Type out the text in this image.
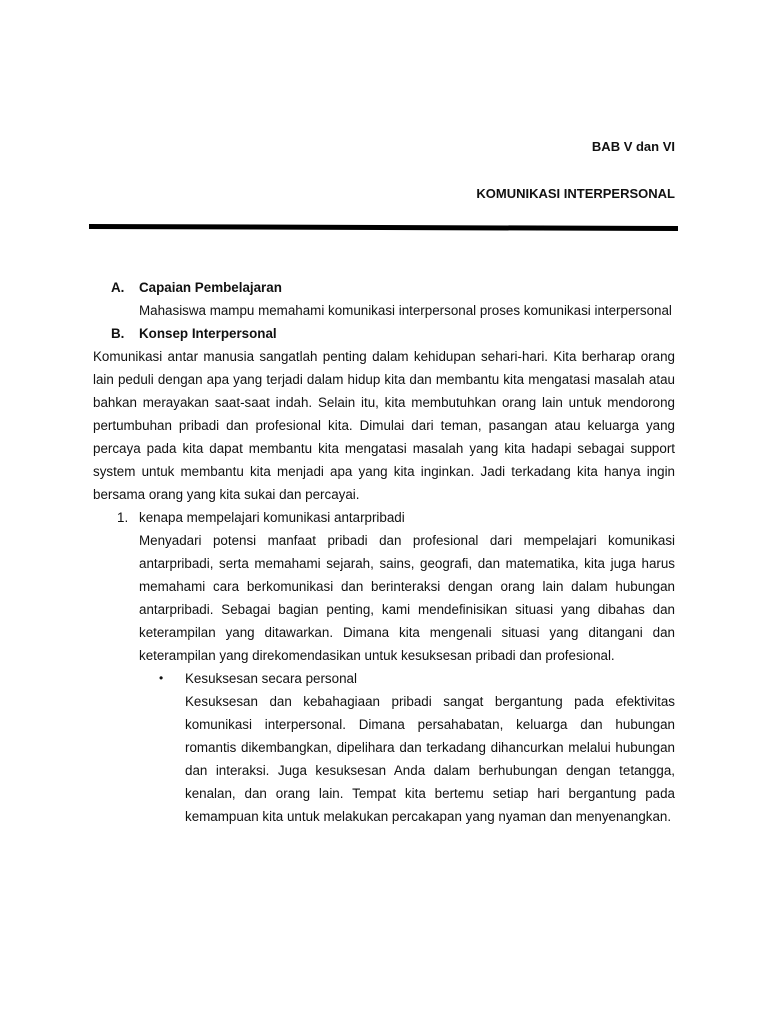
BAB V dan VI
KOMUNIKASI INTERPERSONAL
A. Capaian Pembelajaran
Mahasiswa mampu memahami komunikasi interpersonal proses komunikasi interpersonal
B. Konsep Interpersonal
Komunikasi antar manusia sangatlah penting dalam kehidupan sehari-hari. Kita berharap orang lain peduli dengan apa yang terjadi dalam hidup kita dan membantu kita mengatasi masalah atau bahkan merayakan saat-saat indah. Selain itu, kita membutuhkan orang lain untuk mendorong pertumbuhan pribadi dan profesional kita. Dimulai dari teman, pasangan atau keluarga yang percaya pada kita dapat membantu kita mengatasi masalah yang kita hadapi sebagai support system untuk membantu kita menjadi apa yang kita inginkan. Jadi terkadang kita hanya ingin bersama orang yang kita sukai dan percayai.
1. kenapa mempelajari komunikasi antarpribadi
Menyadari potensi manfaat pribadi dan profesional dari mempelajari komunikasi antarpribadi, serta memahami sejarah, sains, geografi, dan matematika, kita juga harus memahami cara berkomunikasi dan berinteraksi dengan orang lain dalam hubungan antarpribadi. Sebagai bagian penting, kami mendefinisikan situasi yang dibahas dan keterampilan yang ditawarkan. Dimana kita mengenali situasi yang ditangani dan keterampilan yang direkomendasikan untuk kesuksesan pribadi dan profesional.
• Kesuksesan secara personal
Kesuksesan dan kebahagiaan pribadi sangat bergantung pada efektivitas komunikasi interpersonal. Dimana persahabatan, keluarga dan hubungan romantis dikembangkan, dipelihara dan terkadang dihancurkan melalui hubungan dan interaksi. Juga kesuksesan Anda dalam berhubungan dengan tetangga, kenalan, dan orang lain. Tempat kita bertemu setiap hari bergantung pada kemampuan kita untuk melakukan percakapan yang nyaman dan menyenangkan.
